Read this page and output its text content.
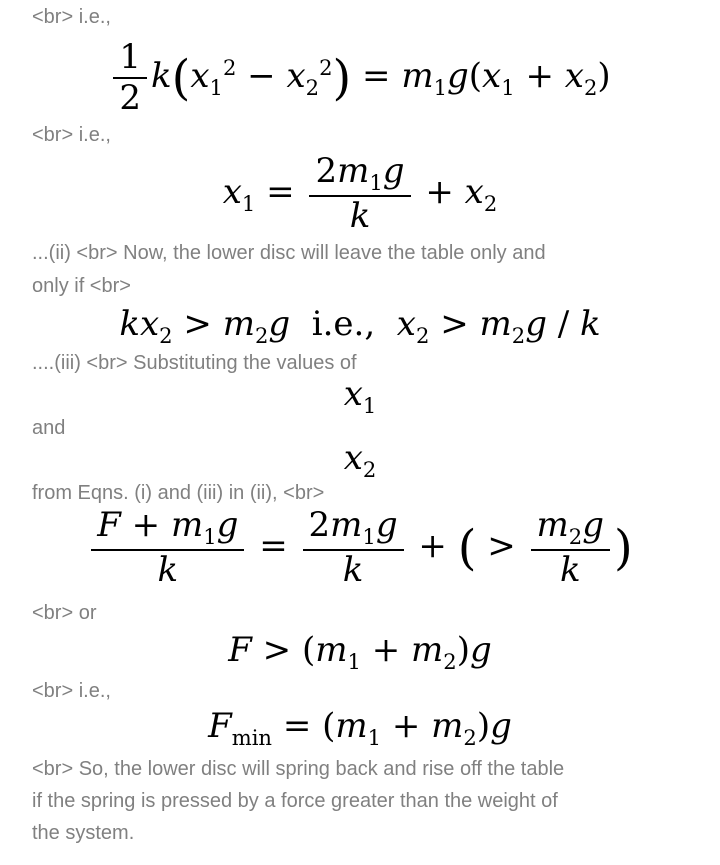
<br> i.e.,
$\frac{1}{2} k(x_1^2 - x_2^2) = m_1g(x_1 + x_2)$
<br> i.e.,
$x_1 = \frac{2m_1g}{k} + x_2$
...(ii) <br> Now, the lower disc will leave the table only and
only if <br>
$kx_2 > m_2g$ i.e., $x_2 > m_2g / k$
....(iii) <br> Substituting the values of
$x_1$
and
$x_2$
from Eqns. (i) and (iii) in (ii), <br>
$\frac{F + m_1g}{k} = \frac{2m_1g}{k}$ + ( > $\frac{m_2g}{k}$ )
<br> or
$F > (m_1 + m_2)g$
<br> i.e.,
$F_{min} = (m_1 + m_2)g$
<br> So, the lower disc will spring back and rise off the table
if the spring is pressed by a force greater than the weight of
the system.
